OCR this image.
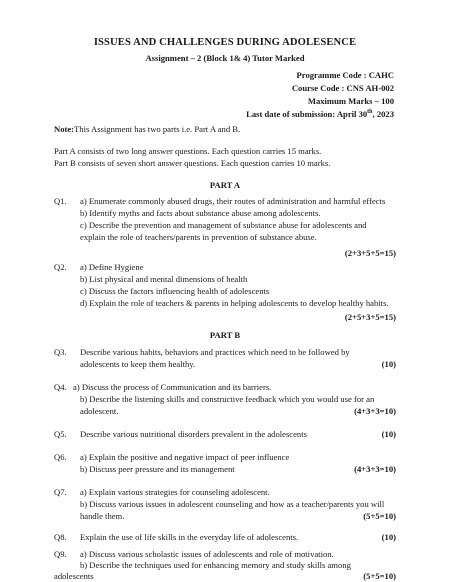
ISSUES AND CHALLENGES DURING ADOLESENCE
Assignment – 2 (Block 1& 4) Tutor Marked
Programme Code : CAHC
Course Code : CNS AH-002
Maximum Marks – 100
Last date of submission: April 30th, 2023
Note:This Assignment has two parts i.e. Part A and B.
Part A consists of two long answer questions. Each question carries 15 marks.
Part B consists of seven short answer questions. Each question carries 10 marks.
PART A
Q1. a) Enumerate commonly abused drugs, their routes of administration and harmful effects
b) Identify myths and facts about substance abuse among adolescents.
c) Describe the prevention and management of substance abuse for adolescents and
explain the role of teachers/parents in prevention of substance abuse.
(2+3+5+5=15)
Q2. a) Define Hygiene
b) List physical and mental dimensions of health
c) Discuss the factors influencing health of adolescents
d) Explain the role of teachers & parents in helping adolescents to develop healthy habits.
(2+5+3+5=15)
PART B
Q3. Describe various habits, behaviors and practices which need to be followed by
adolescents to keep them healthy.	(10)
Q4. a) Discuss the process of Communication and its barriers.
b) Describe the listening skills and constructive feedback which you would use for an
adolescent.	(4+3+3=10)
Q5. Describe various nutritional disorders prevalent in the adolescents	(10)
Q6. a) Explain the positive and negative impact of peer influence
b) Discuss peer pressure and its management	(4+3+3=10)
Q7. a) Explain various strategies for counseling adolescent.
b) Discuss various issues in adolescent counseling and how as a teacher/parents you will
handle them.	(5+5=10)
Q8. Explain the use of life skills in the everyday life of adolescents.	(10)
Q9. a) Discuss various scholastic issues of adolescents and role of motivation.
b) Describe the techniques used for enhancing memory and study skills among
adolescents	(5+5=10)
